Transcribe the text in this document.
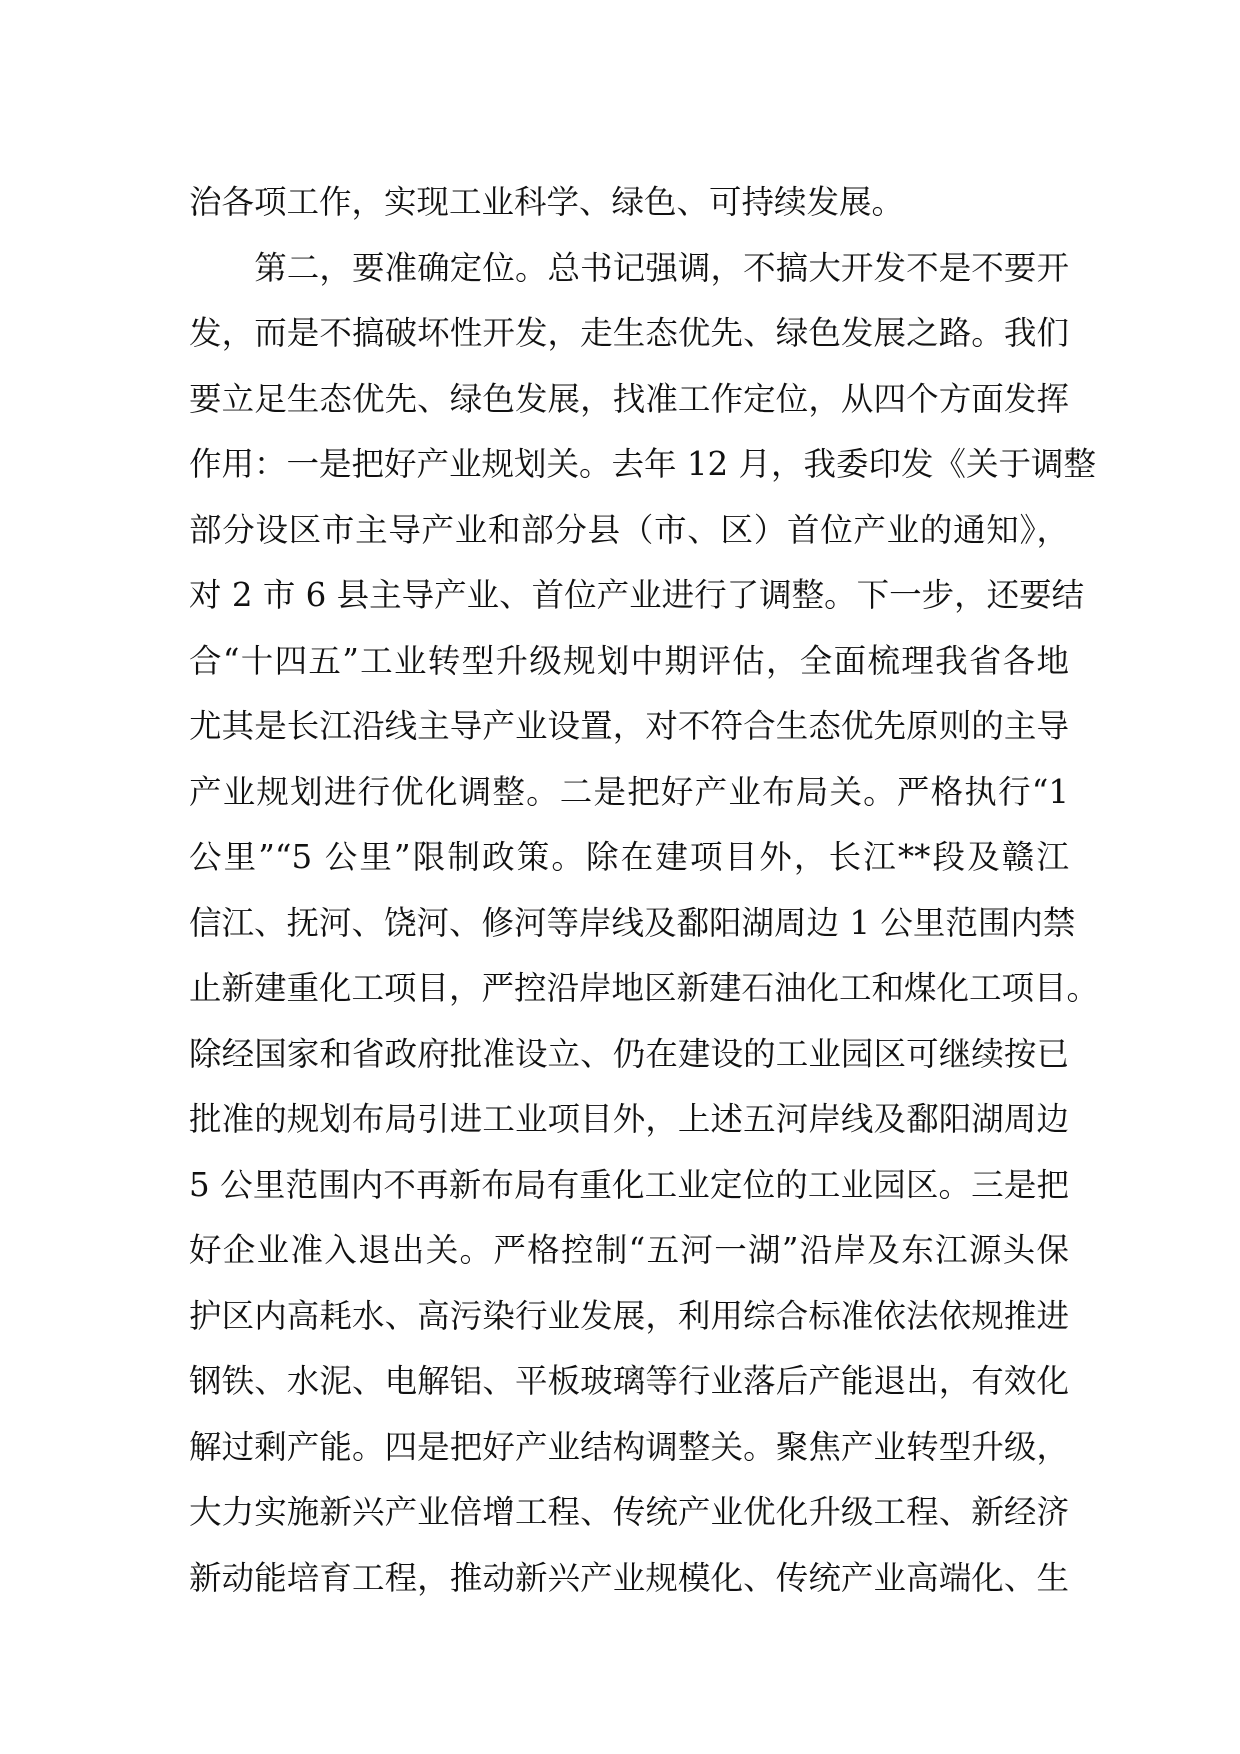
治各项工作，实现工业科学、绿色、可持续发展。
　　第二，要准确定位。总书记强调，不搞大开发不是不要开
发，而是不搞破坏性开发，走生态优先、绿色发展之路。我们
要立足生态优先、绿色发展，找准工作定位，从四个方面发挥
作用：一是把好产业规划关。去年 12 月，我委印发《关于调整
部分设区市主导产业和部分县（市、区）首位产业的通知》，
对 2 市 6 县主导产业、首位产业进行了调整。下一步，还要结
合“十四五”工业转型升级规划中期评估，全面梳理我省各地
尤其是长江沿线主导产业设置，对不符合生态优先原则的主导
产业规划进行优化调整。二是把好产业布局关。严格执行“1
公里”“5 公里”限制政策。除在建项目外，长江**段及赣江
信江、抚河、饶河、修河等岸线及鄱阳湖周边 1 公里范围内禁
止新建重化工项目，严控沿岸地区新建石油化工和煤化工项目。
除经国家和省政府批准设立、仍在建设的工业园区可继续按已
批准的规划布局引进工业项目外，上述五河岸线及鄱阳湖周边
5 公里范围内不再新布局有重化工业定位的工业园区。三是把
好企业准入退出关。严格控制“五河一湖”沿岸及东江源头保
护区内高耗水、高污染行业发展，利用综合标准依法依规推进
钢铁、水泥、电解铝、平板玻璃等行业落后产能退出，有效化
解过剩产能。四是把好产业结构调整关。聚焦产业转型升级，
大力实施新兴产业倍增工程、传统产业优化升级工程、新经济
新动能培育工程，推动新兴产业规模化、传统产业高端化、生
